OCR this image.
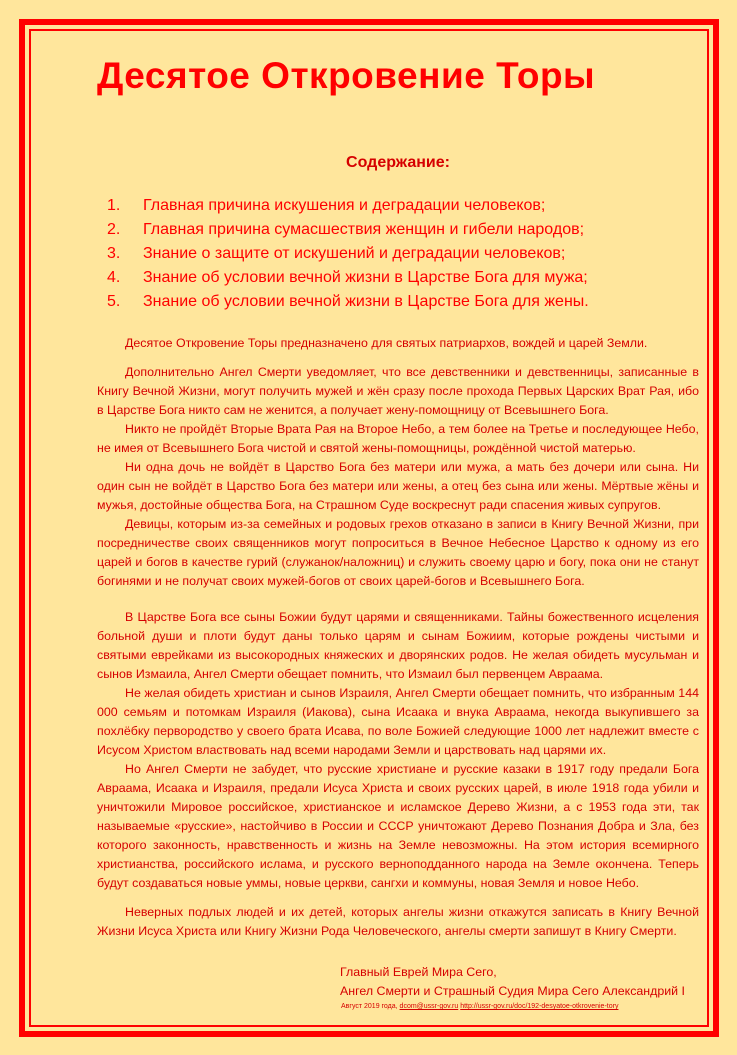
Десятое Откровение Торы
Содержание:
1. Главная причина искушения и деградации человеков;
2. Главная причина сумасшествия женщин и гибели народов;
3. Знание о защите от искушений и деградации человеков;
4. Знание об условии вечной жизни в Царстве Бога для мужа;
5. Знание об условии вечной жизни в Царстве Бога для жены.

Десятое Откровение Торы предназначено для святых патриархов, вождей и царей Земли.

Дополнительно Ангел Смерти уведомляет, что все девственники и девственницы, записанные в Книгу Вечной Жизни, могут получить мужей и жён сразу после прохода Первых Царских Врат Рая, ибо в Царстве Бога никто сам не женится, а получает жену-помощницу от Всевышнего Бога.

Никто не пройдёт Вторые Врата Рая на Второе Небо, а тем более на Третье и последующее Небо, не имея от Всевышнего Бога чистой и святой жены-помощницы, рождённой чистой матерью.

Ни одна дочь не войдёт в Царство Бога без матери или мужа, а мать без дочери или сына. Ни один сын не войдёт в Царство Бога без матери или жены, а отец без сына или жены. Мёртвые жёны и мужья, достойные общества Бога, на Страшном Суде воскреснут ради спасения живых супругов.

Девицы, которым из-за семейных и родовых грехов отказано в записи в Книгу Вечной Жизни, при посредничестве своих священников могут попроситься в Вечное Небесное Царство к одному из его царей и богов в качестве гурий (служанок/наложниц) и служить своему царю и богу, пока они не станут богинями и не получат своих мужей-богов от своих царей-богов и Всевышнего Бога.

В Царстве Бога все сыны Божии будут царями и священниками. Тайны божественного исцеления больной души и плоти будут даны только царям и сынам Божиим, которые рождены чистыми и святыми еврейками из высокородных княжеских и дворянских родов. Не желая обидеть мусульман и сынов Измаила, Ангел Смерти обещает помнить, что Измаил был первенцем Авраама.

Не желая обидеть христиан и сынов Израиля, Ангел Смерти обещает помнить, что избранным 144 000 семьям и потомкам Израиля (Иакова), сына Исаака и внука Авраама, некогда выкупившего за похлёбку первородство у своего брата Исава, по воле Божией следующие 1000 лет надлежит вместе с Исусом Христом властвовать над всеми народами Земли и царствовать над царями их.

Но Ангел Смерти не забудет, что русские христиане и русские казаки в 1917 году предали Бога Авраама, Исаака и Израиля, предали Исуса Христа и своих русских царей, в июле 1918 года убили и уничтожили Мировое российское, христианское и исламское Дерево Жизни, а с 1953 года эти, так называемые «русские», настойчиво в России и СССР уничтожают Дерево Познания Добра и Зла, без которого законность, нравственность и жизнь на Земле невозможны. На этом история всемирного христианства, российского ислама, и русского верноподданного народа на Земле окончена. Теперь будут создаваться новые уммы, новые церкви, сангхи и коммуны, новая Земля и новое Небо.

Неверных подлых людей и их детей, которых ангелы жизни откажутся записать в Книгу Вечной Жизни Исуса Христа или Книгу Жизни Рода Человеческого, ангелы смерти запишут в Книгу Смерти.

Главный Еврей Мира Сего,
Ангел Смерти и Страшный Судия Мира Сего Александрий I
Август 2019 года, dcom@ussr-gov.ru http://ussr-gov.ru/doc/192-desyatoe-otkrovenie-tory
